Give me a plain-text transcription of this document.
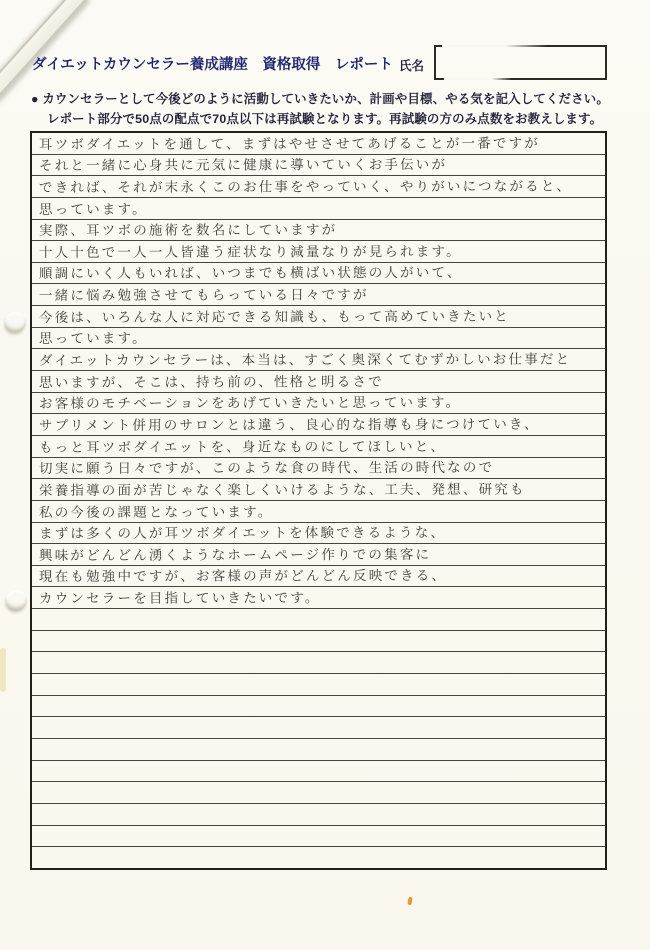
ダイエットカウンセラー養成講座　資格取得　レポート 氏名
● カウンセラーとして今後どのように活動していきたいか、計画や目標、やる気を記入してください。
レポート部分で50点の配点で70点以下は再試験となります。再試験の方のみ点数をお教えします。
耳ツボダイエットを通して、まずはやせさせてあげることが一番ですが
それと一緒に心身共に元気に健康に導いていくお手伝いが
できれば、それが末永くこのお仕事をやっていく、やりがいにつながると、
思っています。
実際、耳ツボの施術を数名にしていますが
十人十色で一人一人皆違う症状なり減量なりが見られます。
順調にいく人もいれば、いつまでも横ばい状態の人がいて、
一緒に悩み勉強させてもらっている日々ですが
今後は、いろんな人に対応できる知識も、もって高めていきたいと
思っています。
ダイエットカウンセラーは、本当は、すごく奥深くてむずかしいお仕事だと
思いますが、そこは、持ち前の、性格と明るさで
お客様のモチベーションをあげていきたいと思っています。
サプリメント併用のサロンとは違う、良心的な指導も身につけていき、
もっと耳ツボダイエットを、身近なものにしてほしいと、
切実に願う日々ですが、このような食の時代、生活の時代なので
栄養指導の面が苦じゃなく楽しくいけるような、工夫、発想、研究も
私の今後の課題となっています。
まずは多くの人が耳ツボダイエットを体験できるような、
興味がどんどん湧くようなホームページ作りでの集客に
現在も勉強中ですが、お客様の声がどんどん反映できる、
カウンセラーを目指していきたいです。
